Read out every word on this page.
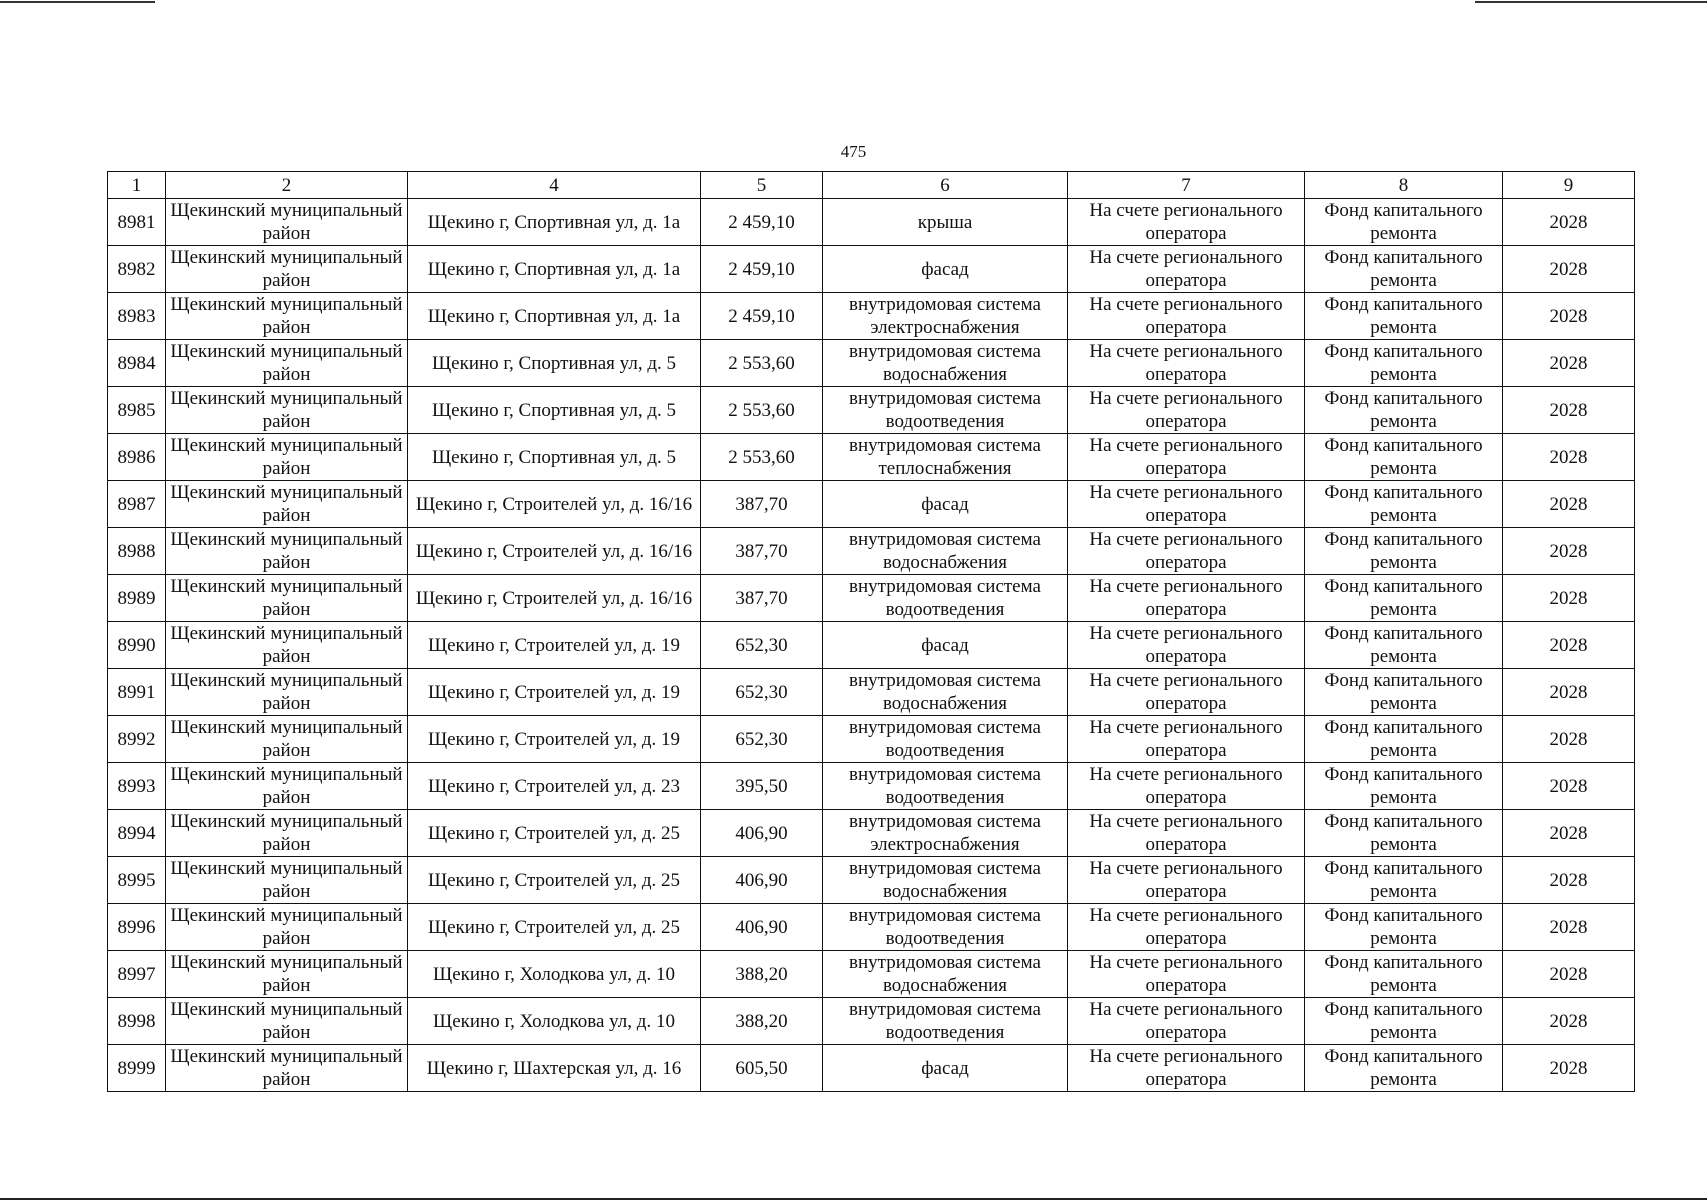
475
1	2	4	5	6	7	8	9
8981	Щекинский муниципальный район	Щекино г, Спортивная ул, д. 1а	2 459,10	крыша	На счете регионального оператора	Фонд капитального ремонта	2028
8982	Щекинский муниципальный район	Щекино г, Спортивная ул, д. 1а	2 459,10	фасад	На счете регионального оператора	Фонд капитального ремонта	2028
8983	Щекинский муниципальный район	Щекино г, Спортивная ул, д. 1а	2 459,10	внутридомовая система электроснабжения	На счете регионального оператора	Фонд капитального ремонта	2028
8984	Щекинский муниципальный район	Щекино г, Спортивная ул, д. 5	2 553,60	внутридомовая система водоснабжения	На счете регионального оператора	Фонд капитального ремонта	2028
8985	Щекинский муниципальный район	Щекино г, Спортивная ул, д. 5	2 553,60	внутридомовая система водоотведения	На счете регионального оператора	Фонд капитального ремонта	2028
8986	Щекинский муниципальный район	Щекино г, Спортивная ул, д. 5	2 553,60	внутридомовая система теплоснабжения	На счете регионального оператора	Фонд капитального ремонта	2028
8987	Щекинский муниципальный район	Щекино г, Строителей ул, д. 16/16	387,70	фасад	На счете регионального оператора	Фонд капитального ремонта	2028
8988	Щекинский муниципальный район	Щекино г, Строителей ул, д. 16/16	387,70	внутридомовая система водоснабжения	На счете регионального оператора	Фонд капитального ремонта	2028
8989	Щекинский муниципальный район	Щекино г, Строителей ул, д. 16/16	387,70	внутридомовая система водоотведения	На счете регионального оператора	Фонд капитального ремонта	2028
8990	Щекинский муниципальный район	Щекино г, Строителей ул, д. 19	652,30	фасад	На счете регионального оператора	Фонд капитального ремонта	2028
8991	Щекинский муниципальный район	Щекино г, Строителей ул, д. 19	652,30	внутридомовая система водоснабжения	На счете регионального оператора	Фонд капитального ремонта	2028
8992	Щекинский муниципальный район	Щекино г, Строителей ул, д. 19	652,30	внутридомовая система водоотведения	На счете регионального оператора	Фонд капитального ремонта	2028
8993	Щекинский муниципальный район	Щекино г, Строителей ул, д. 23	395,50	внутридомовая система водоотведения	На счете регионального оператора	Фонд капитального ремонта	2028
8994	Щекинский муниципальный район	Щекино г, Строителей ул, д. 25	406,90	внутридомовая система электроснабжения	На счете регионального оператора	Фонд капитального ремонта	2028
8995	Щекинский муниципальный район	Щекино г, Строителей ул, д. 25	406,90	внутридомовая система водоснабжения	На счете регионального оператора	Фонд капитального ремонта	2028
8996	Щекинский муниципальный район	Щекино г, Строителей ул, д. 25	406,90	внутридомовая система водоотведения	На счете регионального оператора	Фонд капитального ремонта	2028
8997	Щекинский муниципальный район	Щекино г, Холодкова ул, д. 10	388,20	внутридомовая система водоснабжения	На счете регионального оператора	Фонд капитального ремонта	2028
8998	Щекинский муниципальный район	Щекино г, Холодкова ул, д. 10	388,20	внутридомовая система водоотведения	На счете регионального оператора	Фонд капитального ремонта	2028
8999	Щекинский муниципальный район	Щекино г, Шахтерская ул, д. 16	605,50	фасад	На счете регионального оператора	Фонд капитального ремонта	2028
